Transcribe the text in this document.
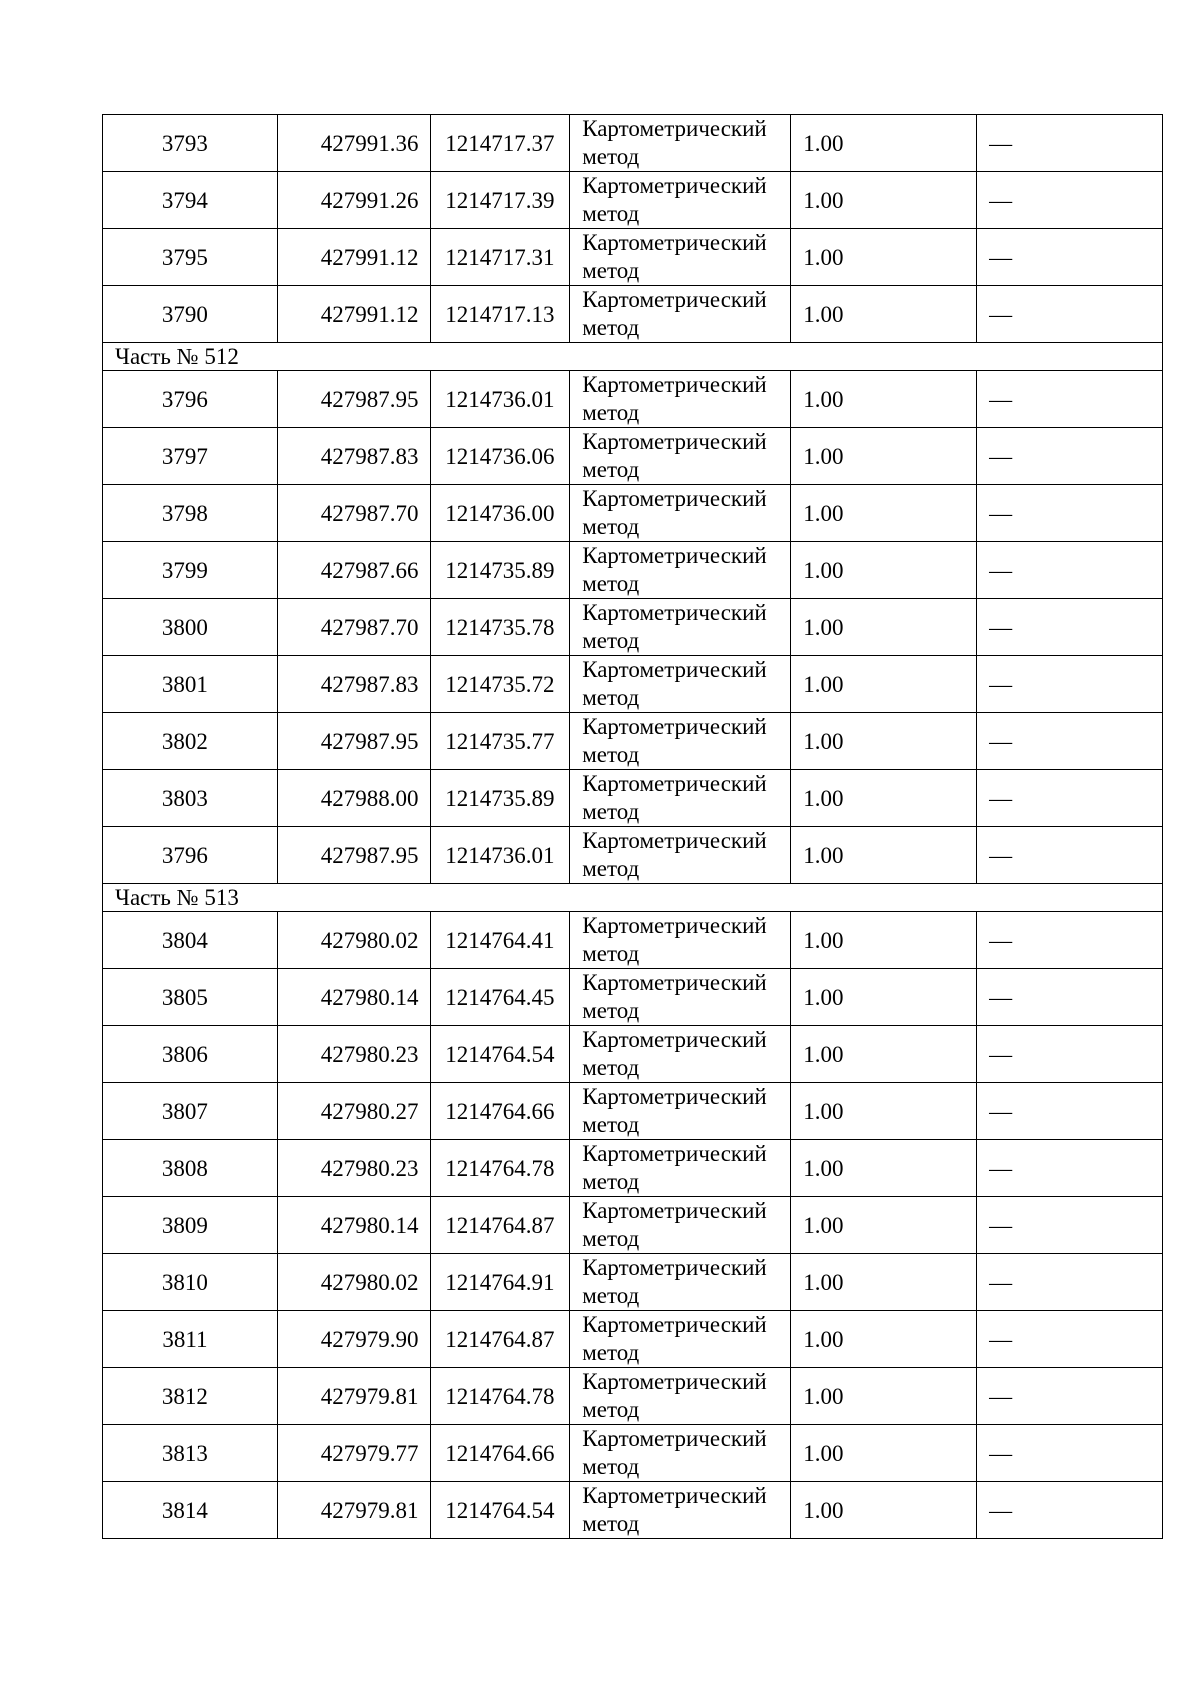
3793	427991.36	1214717.37	Картометрический метод	1.00	—
3794	427991.26	1214717.39	Картометрический метод	1.00	—
3795	427991.12	1214717.31	Картометрический метод	1.00	—
3790	427991.12	1214717.13	Картометрический метод	1.00	—
Часть № 512					
3796	427987.95	1214736.01	Картометрический метод	1.00	—
3797	427987.83	1214736.06	Картометрический метод	1.00	—
3798	427987.70	1214736.00	Картометрический метод	1.00	—
3799	427987.66	1214735.89	Картометрический метод	1.00	—
3800	427987.70	1214735.78	Картометрический метод	1.00	—
3801	427987.83	1214735.72	Картометрический метод	1.00	—
3802	427987.95	1214735.77	Картометрический метод	1.00	—
3803	427988.00	1214735.89	Картометрический метод	1.00	—
3796	427987.95	1214736.01	Картометрический метод	1.00	—
Часть № 513					
3804	427980.02	1214764.41	Картометрический метод	1.00	—
3805	427980.14	1214764.45	Картометрический метод	1.00	—
3806	427980.23	1214764.54	Картометрический метод	1.00	—
3807	427980.27	1214764.66	Картометрический метод	1.00	—
3808	427980.23	1214764.78	Картометрический метод	1.00	—
3809	427980.14	1214764.87	Картометрический метод	1.00	—
3810	427980.02	1214764.91	Картометрический метод	1.00	—
3811	427979.90	1214764.87	Картометрический метод	1.00	—
3812	427979.81	1214764.78	Картометрический метод	1.00	—
3813	427979.77	1214764.66	Картометрический метод	1.00	—
3814	427979.81	1214764.54	Картометрический метод	1.00	—
